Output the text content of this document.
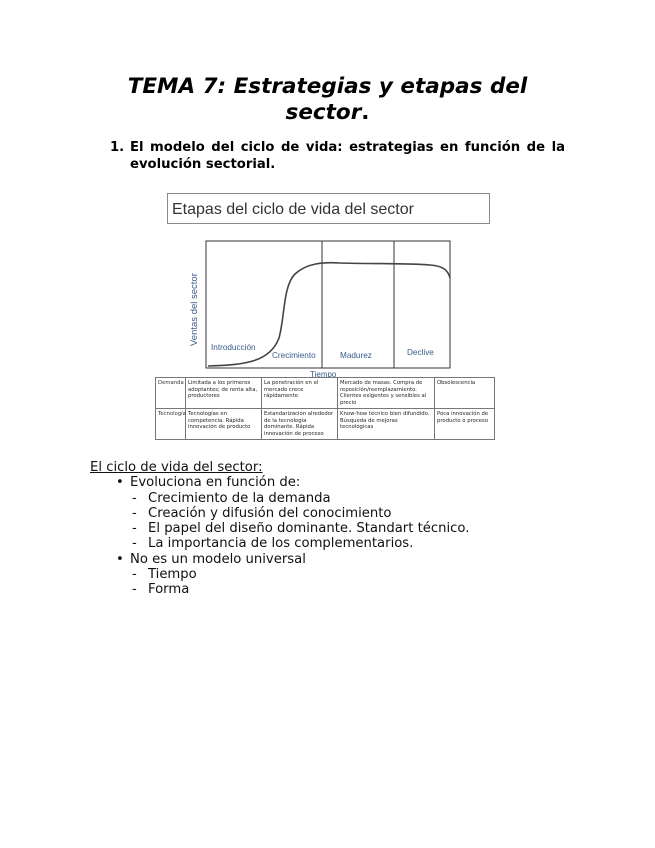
TEMA 7: Estrategias y etapas del sector.
1. El modelo del ciclo de vida: estrategias en función de la evolución sectorial.
Etapas del ciclo de vida del sector
Ventas del sector
Introducción
Crecimiento	Madurez	Declive
Tiempo
Demanda	Limitada a los primeros adoptantes; de renta alta, productores	La penetración en el mercado crece rápidamente	Mercado de masas. Compra de reposición/reemplazamiento. Clientes exigentes y sensibles al precio	Obsolescencia
Tecnología	Tecnologías en competencia. Rápida innovación de producto	Estandarización alrededor de la tecnología dominante. Rápida innovación de proceso	Know-how técnico bien difundido. Búsqueda de mejoras tecnológicas	Poca innovación de producto o proceso
El ciclo de vida del sector:
• Evoluciona en función de:
- Crecimiento de la demanda
- Creación y difusión del conocimiento
- El papel del diseño dominante. Standart técnico.
- La importancia de los complementarios.
• No es un modelo universal
- Tiempo
- Forma
